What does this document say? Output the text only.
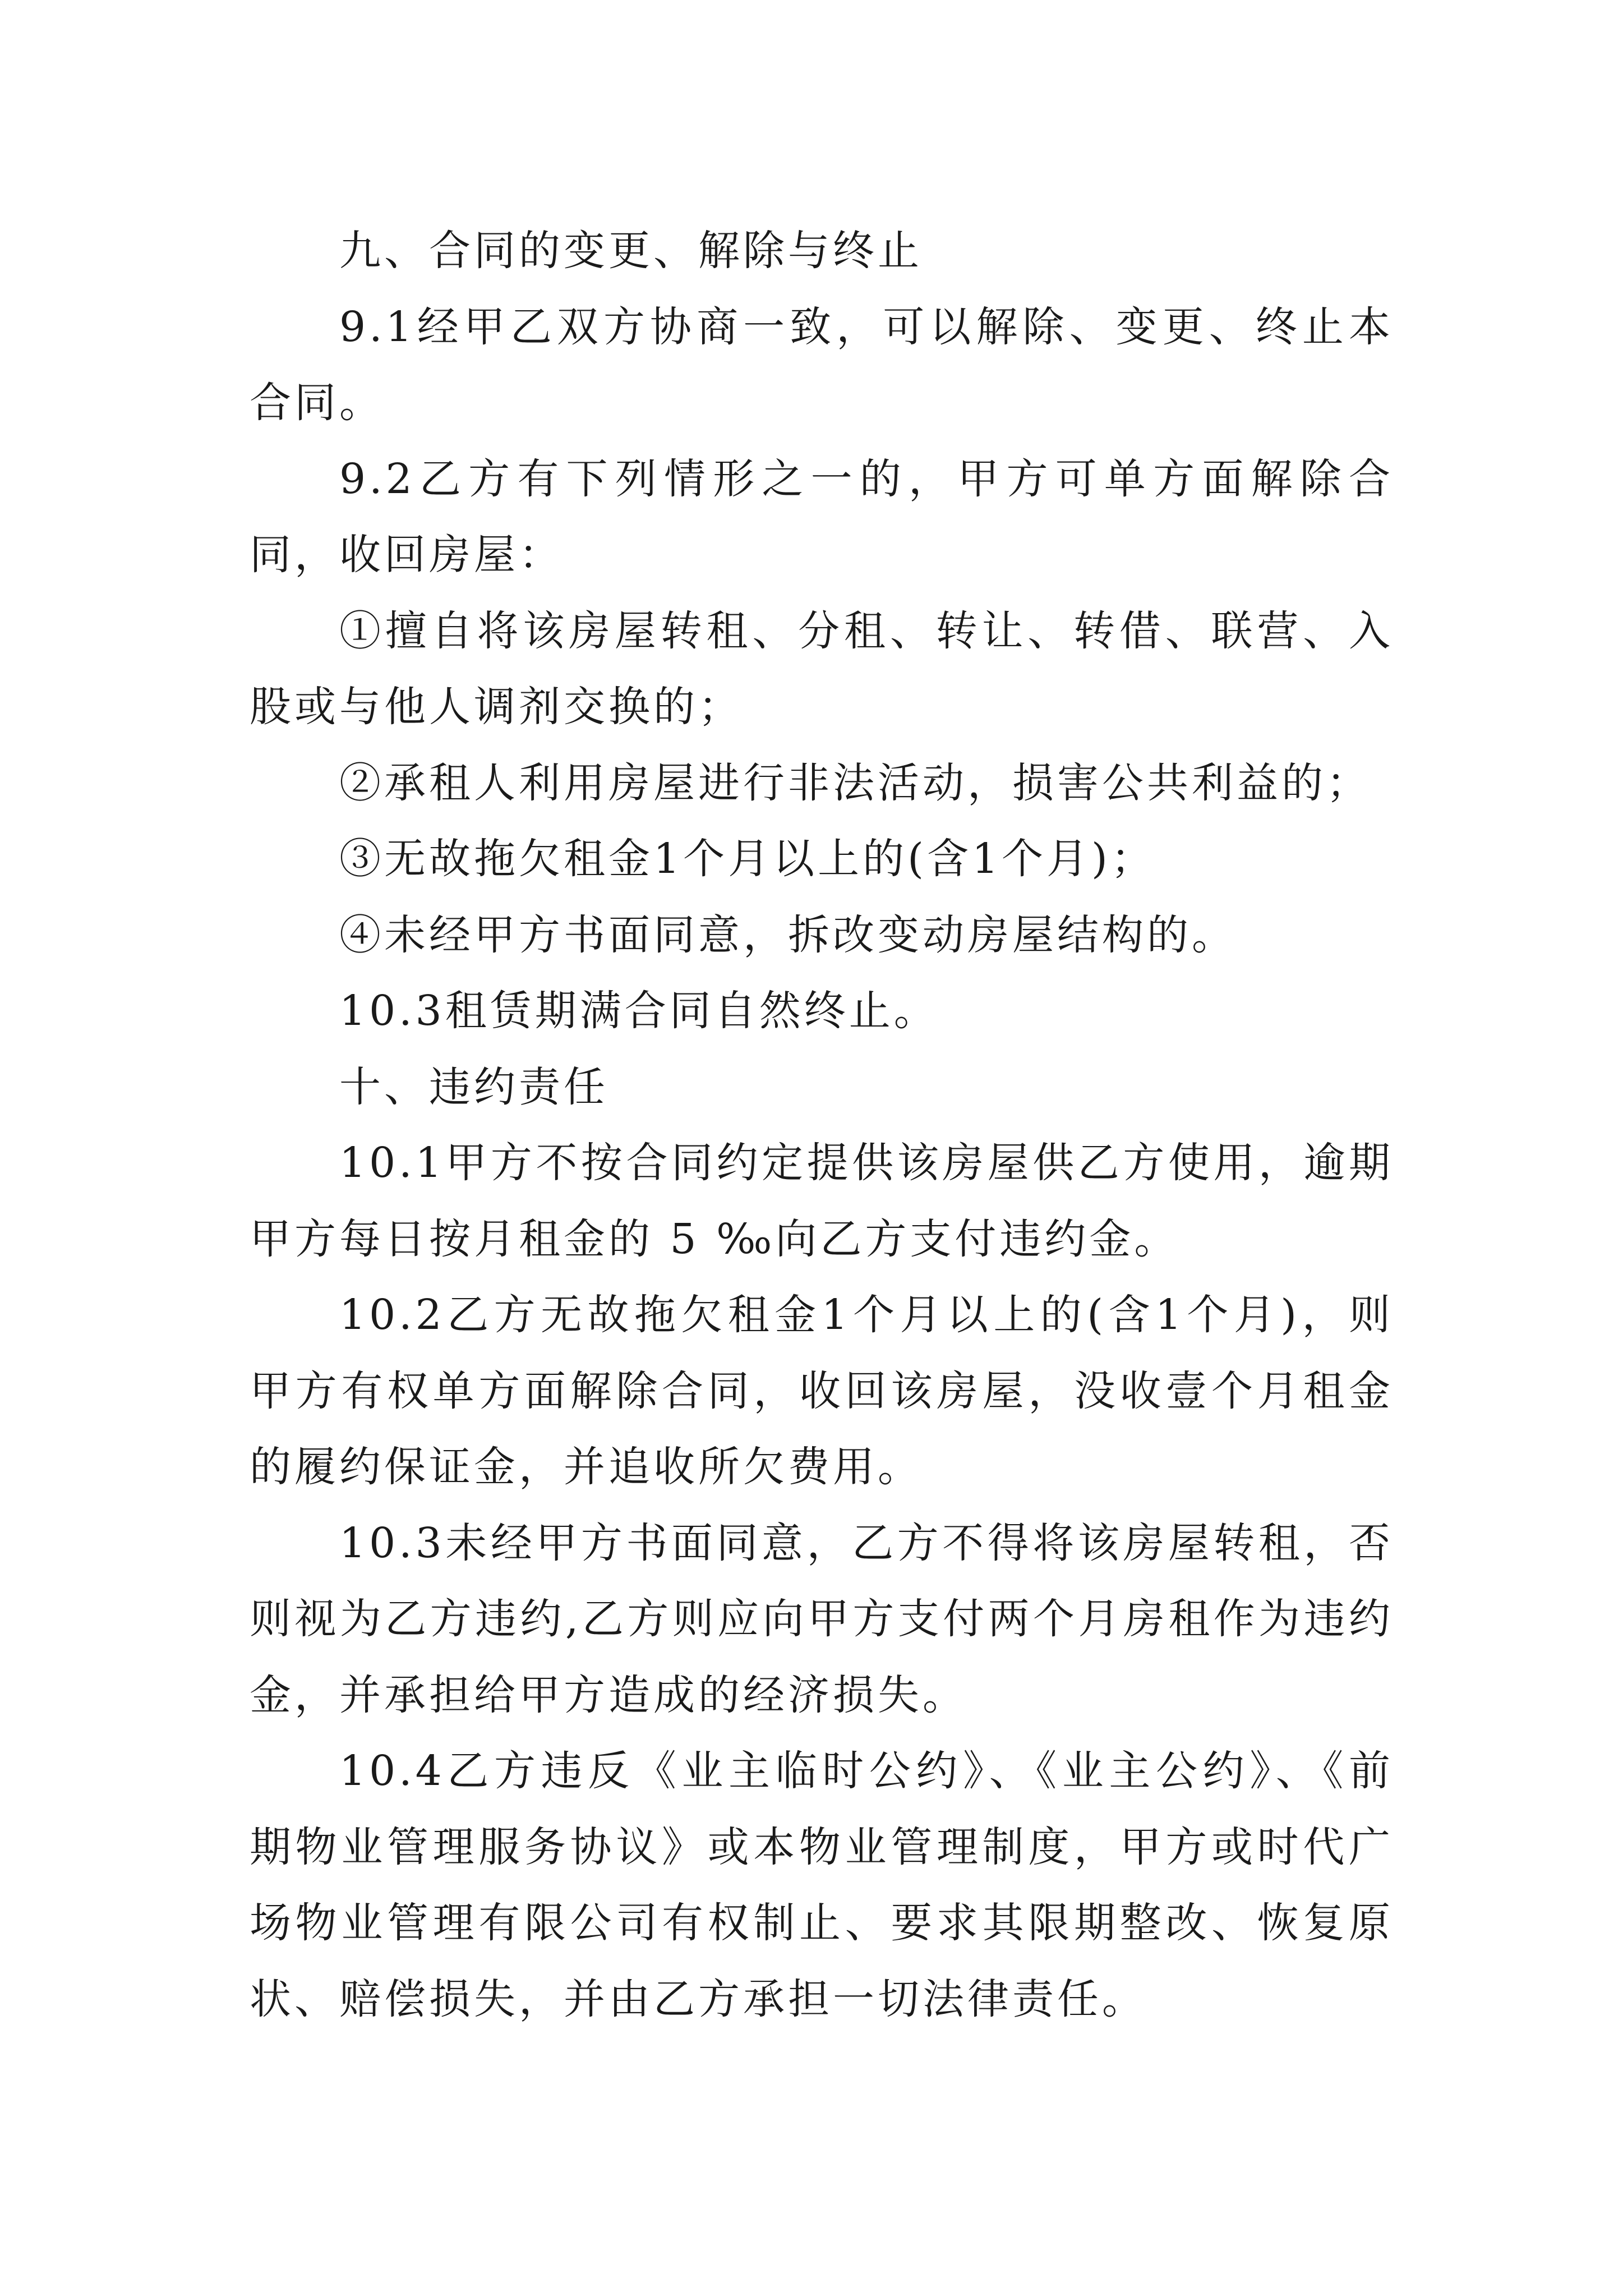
九、合同的变更、解除与终止

9.1经甲乙双方协商一致，可以解除、变更、终止本合同。

9.2乙方有下列情形之一的，甲方可单方面解除合同，收回房屋：

①擅自将该房屋转租、分租、转让、转借、联营、入股或与他人调剂交换的；

②承租人利用房屋进行非法活动，损害公共利益的；

③无故拖欠租金1个月以上的(含1个月)；

④未经甲方书面同意，拆改变动房屋结构的。

10.3租赁期满合同自然终止。

十、违约责任

10.1甲方不按合同约定提供该房屋供乙方使用，逾期甲方每日按月租金的 5 ‰向乙方支付违约金。

10.2乙方无故拖欠租金1个月以上的(含1个月)，则甲方有权单方面解除合同，收回该房屋，没收壹个月租金的履约保证金，并追收所欠费用。

10.3未经甲方书面同意，乙方不得将该房屋转租，否则视为乙方违约,乙方则应向甲方支付两个月房租作为违约金，并承担给甲方造成的经济损失。

10.4乙方违反《业主临时公约》、《业主公约》、《前期物业管理服务协议》或本物业管理制度，甲方或时代广场物业管理有限公司有权制止、要求其限期整改、恢复原状、赔偿损失，并由乙方承担一切法律责任。
